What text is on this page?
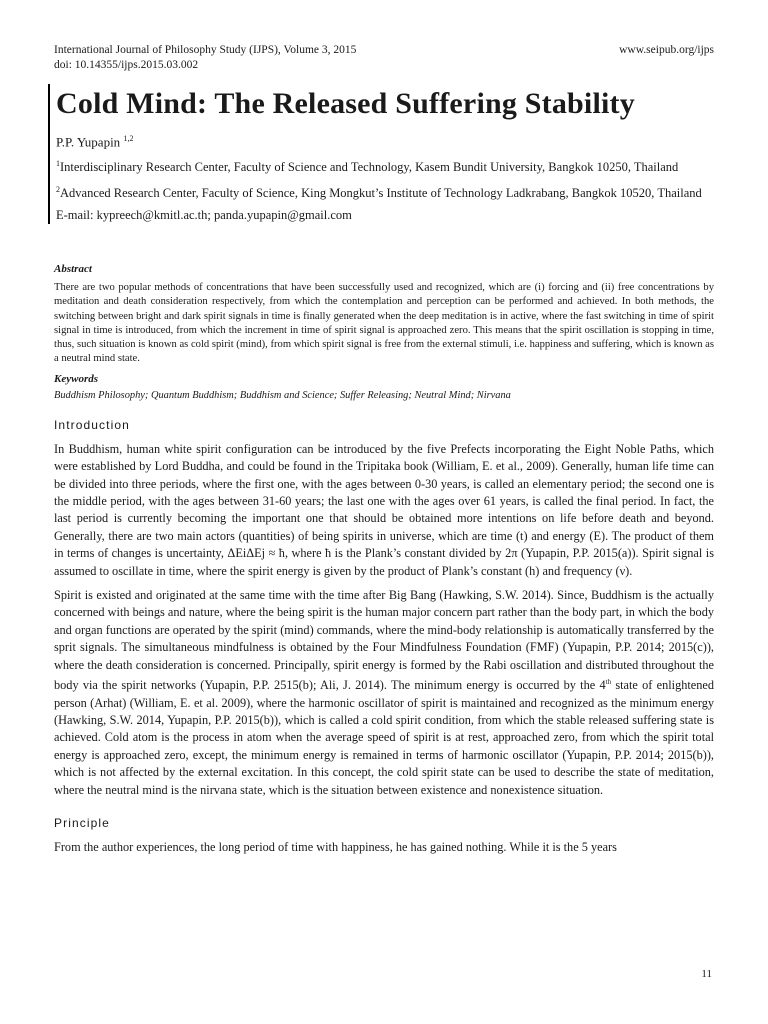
International Journal of Philosophy Study (IJPS), Volume 3, 2015	www.seipub.org/ijps
doi: 10.14355/ijps.2015.03.002
Cold Mind: The Released Suffering Stability
P.P. Yupapin $^{1,2}$
$^1$Interdisciplinary Research Center, Faculty of Science and Technology, Kasem Bundit University, Bangkok 10250, Thailand
$^2$Advanced Research Center, Faculty of Science, King Mongkut’s Institute of Technology Ladkrabang, Bangkok 10520, Thailand
E-mail: kypreech@kmitl.ac.th; panda.yupapin@gmail.com
Abstract

There are two popular methods of concentrations that have been successfully used and recognized, which are (i) forcing and (ii) free concentrations by meditation and death consideration respectively, from which the contemplation and perception can be performed and achieved. In both methods, the switching between bright and dark spirit signals in time is finally generated when the deep meditation is in active, where the fast switching in time of spirit signal in time is introduced, from which the increment in time of spirit signal is approached zero. This means that the spirit oscillation is stopping in time, thus, such situation is known as cold spirit (mind), from which spirit signal is free from the external stimuli, i.e. happiness and suffering, which is known as a neutral mind state.

Keywords

Buddhism Philosophy; Quantum Buddhism; Buddhism and Science; Suffer Releasing; Neutral Mind; Nirvana

Introduction

In Buddhism, human white spirit configuration can be introduced by the five Prefects incorporating the Eight Noble Paths, which were established by Lord Buddha, and could be found in the Tripitaka book (William, E. et al., 2009). Generally, human life time can be divided into three periods, where the first one, with the ages between 0-30 years, is called an elementary period; the second one is the middle period, with the ages between 31-60 years; the last one with the ages over 61 years, is called the final period. In fact, the last period is currently becoming the important one that should be obtained more intentions on life before death and beyond. Generally, there are two main actors (quantities) of being spirits in universe, which are time (t) and energy (E). The product of them in terms of changes is uncertainty, ΔEiΔEj ≈ ħ, where ħ is the Plank’s constant divided by 2π (Yupapin, P.P. 2015(a)). Spirit signal is assumed to oscillate in time, where the spirit energy is given by the product of Plank’s constant (h) and frequency (ν).

Spirit is existed and originated at the same time with the time after Big Bang (Hawking, S.W. 2014). Since, Buddhism is the actually concerned with beings and nature, where the being spirit is the human major concern part rather than the body part, in which the body and organ functions are operated by the spirit (mind) commands, where the mind-body relationship is automatically transferred by the sprit signals. The simultaneous mindfulness is obtained by the Four Mindfulness Foundation (FMF) (Yupapin, P.P. 2014; 2015(c)), where the death consideration is concerned. Principally, spirit energy is formed by the Rabi oscillation and distributed throughout the body via the spirit networks (Yupapin, P.P. 2515(b); Ali, J. 2014). The minimum energy is occurred by the 4th state of enlightened person (Arhat) (William, E. et al. 2009), where the harmonic oscillator of spirit is maintained and recognized as the minimum energy (Hawking, S.W. 2014, Yupapin, P.P. 2015(b)), which is called a cold spirit condition, from which the stable released suffering state is achieved. Cold atom is the process in atom when the average speed of spirit is at rest, approached zero, from which the spirit total energy is approached zero, except, the minimum energy is remained in terms of harmonic oscillator (Yupapin, P.P. 2014; 2015(b)), which is not affected by the external excitation. In this concept, the cold spirit state can be used to describe the state of meditation, where the neutral mind is the nirvana state, which is the situation between existence and nonexistence situation.

Principle

From the author experiences, the long period of time with happiness, he has gained nothing. While it is the 5 years

11
